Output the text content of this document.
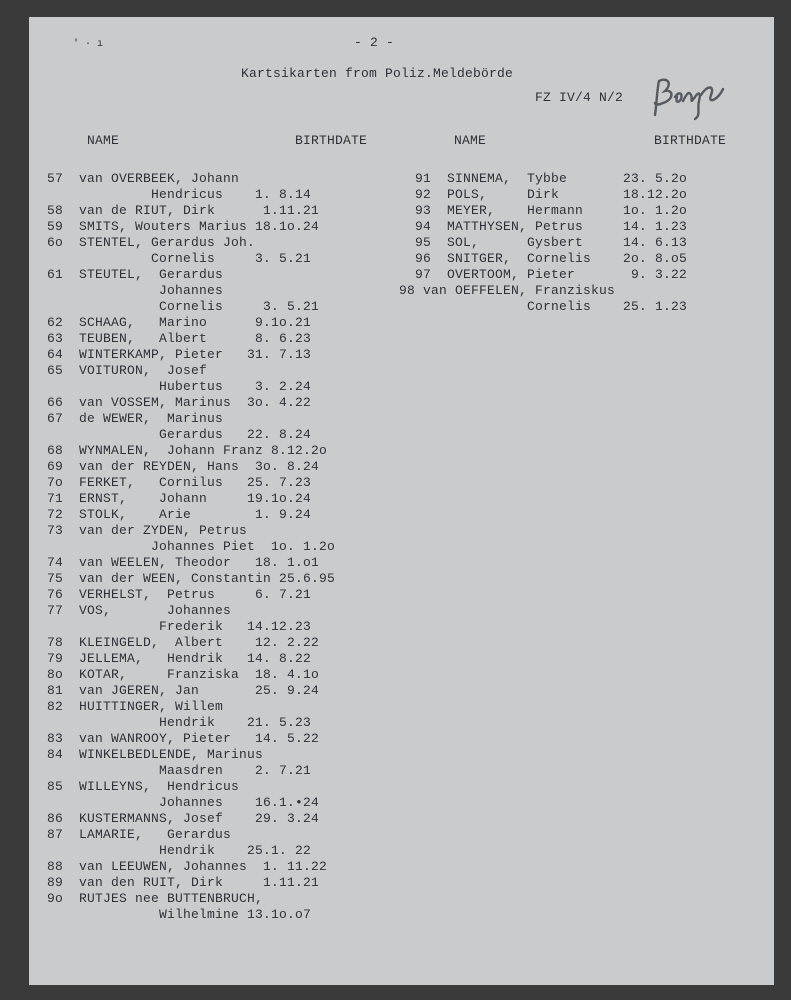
' · ı	- 2 -
Kartsikarten from Poliz.Meldebörde
FZ IV/4 N/2
NAME	BIRTHDATE	NAME	BIRTHDATE
57  van OVERBEEK, Johann
Hendricus    1. 8.14
58  van de RIUT, Dirk      1.11.21
59  SMITS, Wouters Marius 18.1o.24
6o  STENTEL, Gerardus Joh.
Cornelis     3. 5.21
61  STEUTEL,  Gerardus
Johannes
Cornelis     3. 5.21
62  SCHAAG,   Marino      9.1o.21
63  TEUBEN,   Albert      8. 6.23
64  WINTERKAMP, Pieter   31. 7.13
65  VOITURON,  Josef
Hubertus    3. 2.24
66  van VOSSEM, Marinus  3o. 4.22
67  de WEWER,  Marinus
Gerardus   22. 8.24
68  WYNMALEN,  Johann Franz 8.12.2o
69  van der REYDEN, Hans  3o. 8.24
7o  FERKET,   Cornilus   25. 7.23
71  ERNST,    Johann     19.1o.24
72  STOLK,    Arie        1. 9.24
73  van der ZYDEN, Petrus
Johannes Piet  1o. 1.2o
74  van WEELEN, Theodor   18. 1.o1
75  van der WEEN, Constantin 25.6.95
76  VERHELST,  Petrus     6. 7.21
77  VOS,       Johannes
Frederik   14.12.23
78  KLEINGELD,  Albert    12. 2.22
79  JELLEMA,   Hendrik   14. 8.22
8o  KOTAR,     Franziska  18. 4.1o
81  van JGEREN, Jan       25. 9.24
82  HUITTINGER, Willem
Hendrik    21. 5.23
83  van WANROOY, Pieter   14. 5.22
84  WINKELBEDLENDE, Marinus
Maasdren    2. 7.21
85  WILLEYNS,  Hendricus
Johannes    16.1.•24
86  KUSTERMANNS, Josef    29. 3.24
87  LAMARIE,   Gerardus
Hendrik    25.1. 22
88  van LEEUWEN, Johannes  1. 11.22
89  van den RUIT, Dirk     1.11.21
9o  RUTJES nee BUTTENBRUCH,
Wilhelmine 13.1o.o7
91  SINNEMA,  Tybbe       23. 5.2o
92  POLS,     Dirk        18.12.2o
93  MEYER,    Hermann     1o. 1.2o
94  MATTHYSEN, Petrus     14. 1.23
95  SOL,      Gysbert     14. 6.13
96  SNITGER,  Cornelis    2o. 8.o5
97  OVERTOOM, Pieter       9. 3.22
98 van OEFFELEN, Franziskus
Cornelis    25. 1.23
